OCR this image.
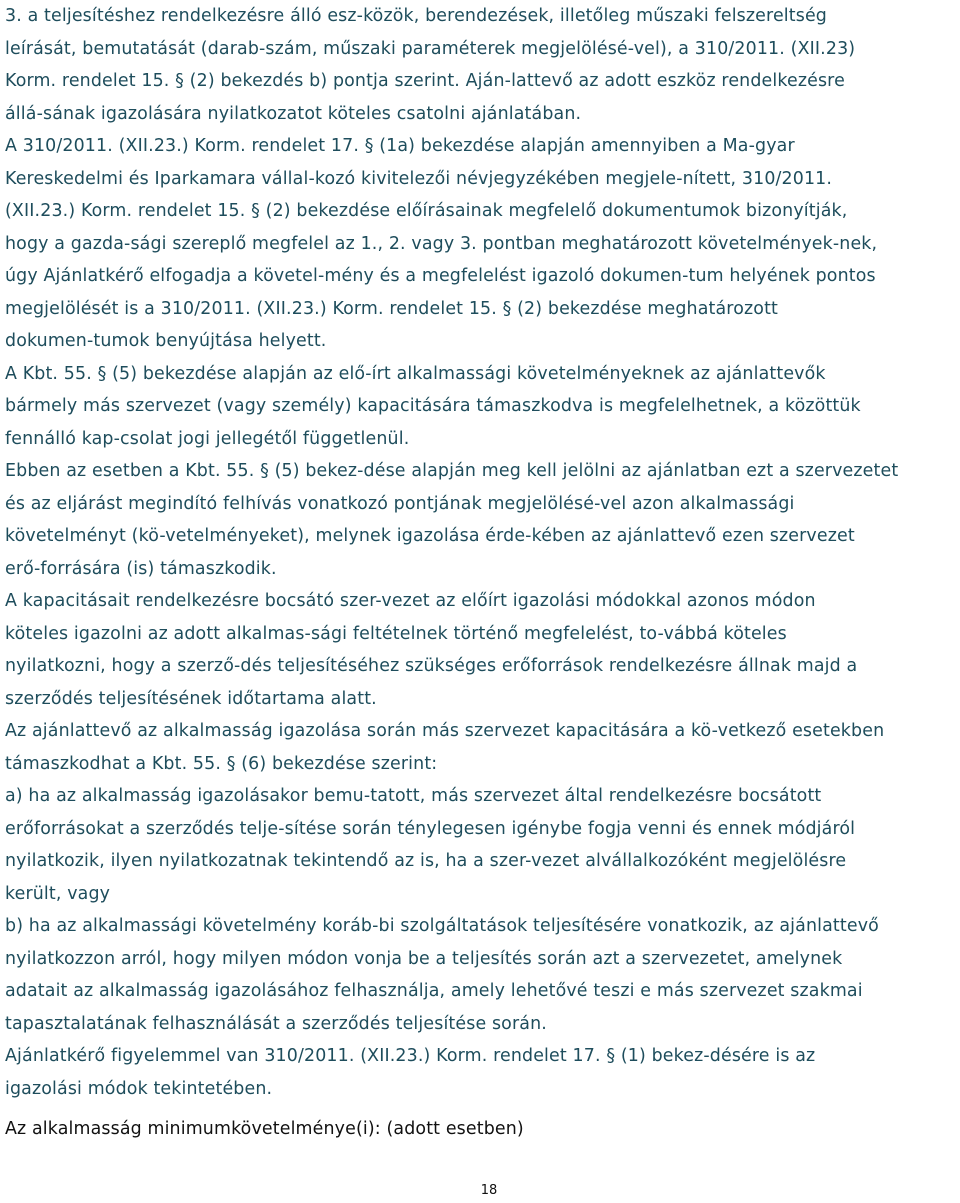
3. a teljesítéshez rendelkezésre álló esz-közök, berendezések, illetőleg műszaki felszereltség
leírását, bemutatását (darab-szám, műszaki paraméterek megjelölésé-vel), a 310/2011. (XII.23)
Korm. rendelet 15. § (2) bekezdés b) pontja szerint. Aján-lattevő az adott eszköz rendelkezésre
állá-sának igazolására nyilatkozatot köteles csatolni ajánlatában.
A 310/2011. (XII.23.) Korm. rendelet 17. § (1a) bekezdése alapján amennyiben a Ma-gyar
Kereskedelmi és Iparkamara vállal-kozó kivitelezői névjegyzékében megjele-nített, 310/2011.
(XII.23.) Korm. rendelet 15. § (2) bekezdése előírásainak megfelelő dokumentumok bizonyítják,
hogy a gazda-sági szereplő megfelel az 1., 2. vagy 3. pontban meghatározott követelmények-nek,
úgy Ajánlatkérő elfogadja a követel-mény és a megfelelést igazoló dokumen-tum helyének pontos
megjelölését is a 310/2011. (XII.23.) Korm. rendelet 15. § (2) bekezdése meghatározott
dokumen-tumok benyújtása helyett.
A Kbt. 55. § (5) bekezdése alapján az elő-írt alkalmassági követelményeknek az ajánlattevők
bármely más szervezet (vagy személy) kapacitására támaszkodva is megfelelhetnek, a közöttük
fennálló kap-csolat jogi jellegétől függetlenül.
Ebben az esetben a Kbt. 55. § (5) bekez-dése alapján meg kell jelölni az ajánlatban ezt a szervezetet
és az eljárást megindító felhívás vonatkozó pontjának megjelölésé-vel azon alkalmassági
követelményt (kö-vetelményeket), melynek igazolása érde-kében az ajánlattevő ezen szervezet
erő-forrására (is) támaszkodik.
A kapacitásait rendelkezésre bocsátó szer-vezet az előírt igazolási módokkal azonos módon
köteles igazolni az adott alkalmas-sági feltételnek történő megfelelést, to-vábbá köteles
nyilatkozni, hogy a szerző-dés teljesítéséhez szükséges erőforrások rendelkezésre állnak majd a
szerződés teljesítésének időtartama alatt.
Az ajánlattevő az alkalmasság igazolása során más szervezet kapacitására a kö-vetkező esetekben
támaszkodhat a Kbt. 55. § (6) bekezdése szerint:
a) ha az alkalmasság igazolásakor bemu-tatott, más szervezet által rendelkezésre bocsátott
erőforrásokat a szerződés telje-sítése során ténylegesen igénybe fogja venni és ennek módjáról
nyilatkozik, ilyen nyilatkozatnak tekintendő az is, ha a szer-vezet alvállalkozóként megjelölésre
került, vagy
b) ha az alkalmassági követelmény koráb-bi szolgáltatások teljesítésére vonatkozik, az ajánlattevő
nyilatkozzon arról, hogy milyen módon vonja be a teljesítés során azt a szervezetet, amelynek
adatait az alkalmasság igazolásához felhasználja, amely lehetővé teszi e más szervezet szakmai
tapasztalatának felhasználását a szerződés teljesítése során.
Ajánlatkérő figyelemmel van 310/2011. (XII.23.) Korm. rendelet 17. § (1) bekez-désére is az
igazolási módok tekintetében.
Az alkalmasság minimumkövetelménye(i): (adott esetben)
18
